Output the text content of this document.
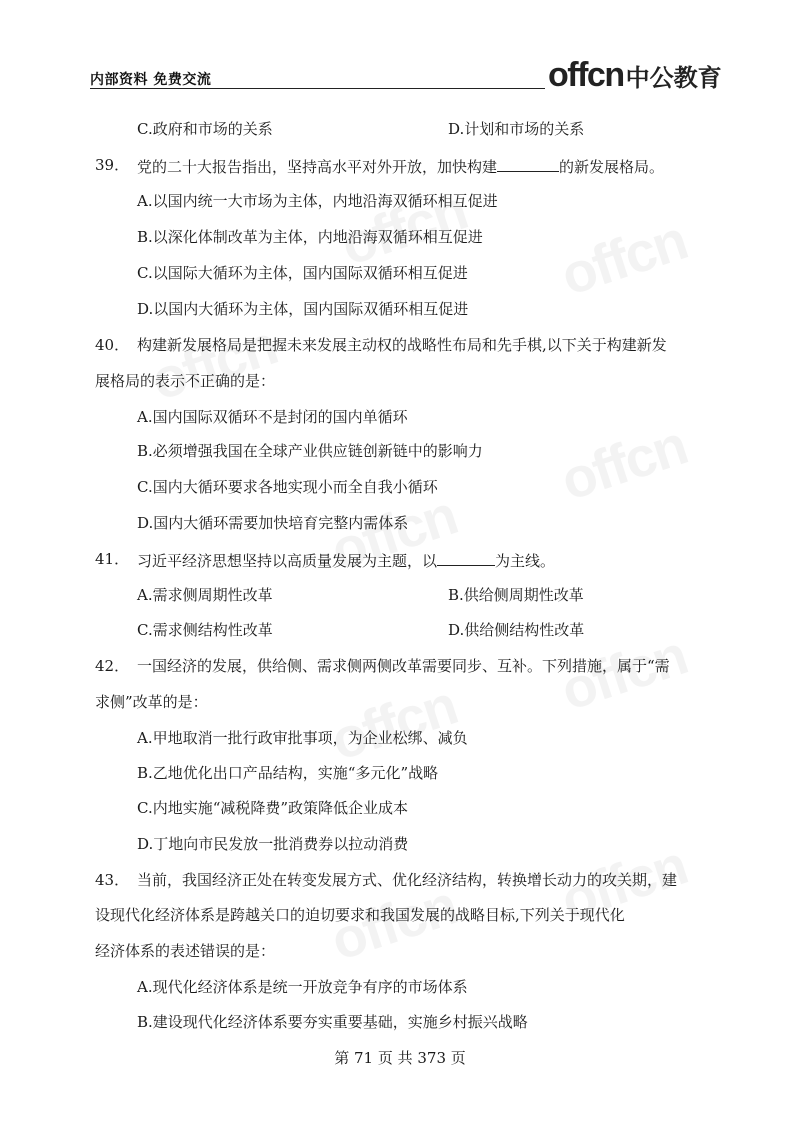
内部资料 免费交流	offcn 中公教育
C.政府和市场的关系	D.计划和市场的关系
39． 党的二十大报告指出，坚持高水平对外开放，加快构建	的新发展格局。
A.以国内统一大市场为主体，内地沿海双循环相互促进
B.以深化体制改革为主体，内地沿海双循环相互促进
C.以国际大循环为主体，国内国际双循环相互促进
D.以国内大循环为主体，国内国际双循环相互促进
40． 构建新发展格局是把握未来发展主动权的战略性布局和先手棋,以下关于构建新发
展格局的表示不正确的是：
A.国内国际双循环不是封闭的国内单循环
B.必须增强我国在全球产业供应链创新链中的影响力
C.国内大循环要求各地实现小而全自我小循环
D.国内大循环需要加快培育完整内需体系
41． 习近平经济思想坚持以高质量发展为主题，以	为主线。
A.需求侧周期性改革	B.供给侧周期性改革
C.需求侧结构性改革	D.供给侧结构性改革
42． 一国经济的发展，供给侧、需求侧两侧改革需要同步、互补。下列措施，属于“需
求侧”改革的是：
A.甲地取消一批行政审批事项，为企业松绑、减负
B.乙地优化出口产品结构，实施“多元化”战略
C.内地实施“减税降费”政策降低企业成本
D.丁地向市民发放一批消费券以拉动消费
43． 当前，我国经济正处在转变发展方式、优化经济结构，转换增长动力的攻关期，建
设现代化经济体系是跨越关口的迫切要求和我国发展的战略目标,下列关于现代化
经济体系的表述错误的是：
A.现代化经济体系是统一开放竞争有序的市场体系
B.建设现代化经济体系要夯实重要基础，实施乡村振兴战略
第 71 页 共 373 页
